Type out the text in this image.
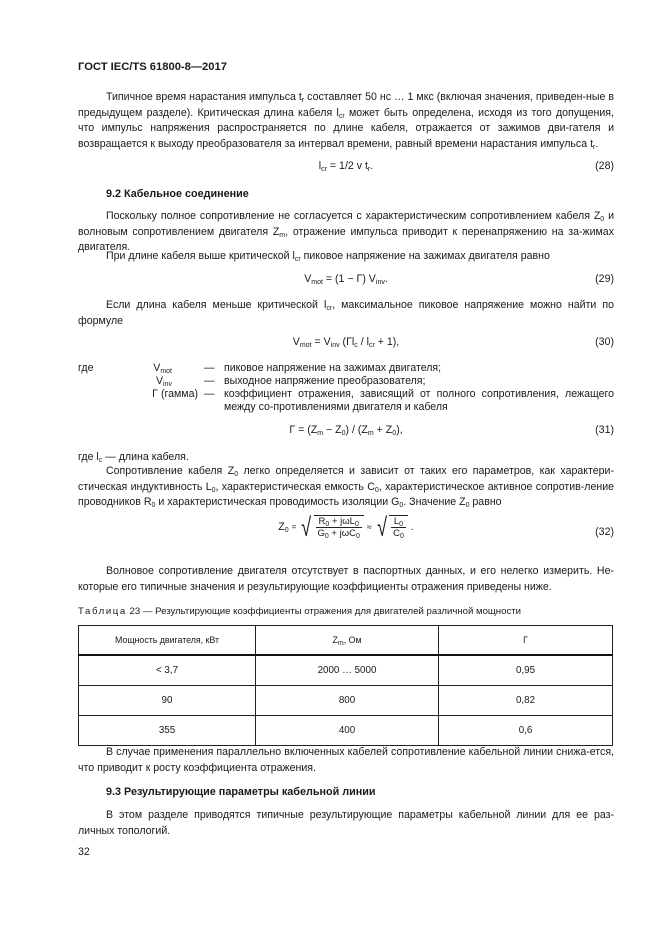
ГОСТ IEC/TS 61800-8—2017
Типичное время нарастания импульса $t_r$ составляет 50 нс … 1 мкс (включая значения, приведен-ные в предыдущем разделе). Критическая длина кабеля $l_{cr}$ может быть определена, исходя из того допущения, что импульс напряжения распространяется по длине кабеля, отражается от зажимов дви-гателя и возвращается к выходу преобразователя за интервал времени, равный времени нарастания импульса $t_r$.
$l_{cr} = 1/2$ v $t_r$.	(28)
9.2 Кабельное соединение
Поскольку полное сопротивление не согласуется с характеристическим сопротивлением кабеля $Z_0$ и волновым сопротивлением двигателя $Z_m$, отражение импульса приводит к перенапряжению на за-жимах двигателя.
При длине кабеля выше критической $l_{cr}$ пиковое напряжение на зажимах двигателя равно
$V_{mot} = (1 - \Gamma)$ $V_{inv}$.	(29)
Если длина кабеля меньше критической $l_{cr}$, максимальное пиковое напряжение можно найти по формуле
$V_{mot} = V_{inv}$ $(\Gamma l_c / l_{cr} + 1)$,	(30)
где	$V_{mot}$	— пиковое напряжение на зажимах двигателя;
$V_{inv}$	— выходное напряжение преобразователя;
Γ (гамма) — коэффициент отражения, зависящий от полного сопротивления, лежащего между со-противлениями двигателя и кабеля
$\Gamma = (Z_m - Z_0) / (Z_m + Z_0)$,	(31)
где $l_c$ — длина кабеля.
Сопротивление кабеля $Z_0$ легко определяется и зависит от таких его параметров, как характери-стическая индуктивность $L_0$, характеристическая емкость $C_0$, характеристическое активное сопротив-ление проводников $R_0$ и характеристическая проводимость изоляции $G_0$. Значение $Z_0$ равно
$Z_0$ = √ $\frac{R_0 + j\omega L_0}{G_0 + j\omega C_0}$ ≈ √ $\frac{L_0}{C_0}$ .	(32)
Волновое сопротивление двигателя отсутствует в паспортных данных, и его нелегко измерить. Не-которые его типичные значения и результирующие коэффициенты отражения приведены ниже.
Таблица 23 — Результирующие коэффициенты отражения для двигателей различной мощности
Мощность двигателя, кВт	$Z_m$, Ом	Γ
< 3,7	2000 … 5000	0,95
90	800	0,82
355	400	0,6
В случае применения параллельно включенных кабелей сопротивление кабельной линии снижа-ется, что приводит к росту коэффициента отражения.
9.3 Результирующие параметры кабельной линии
В этом разделе приводятся типичные результирующие параметры кабельной линии для ее раз-личных топологий.
32
